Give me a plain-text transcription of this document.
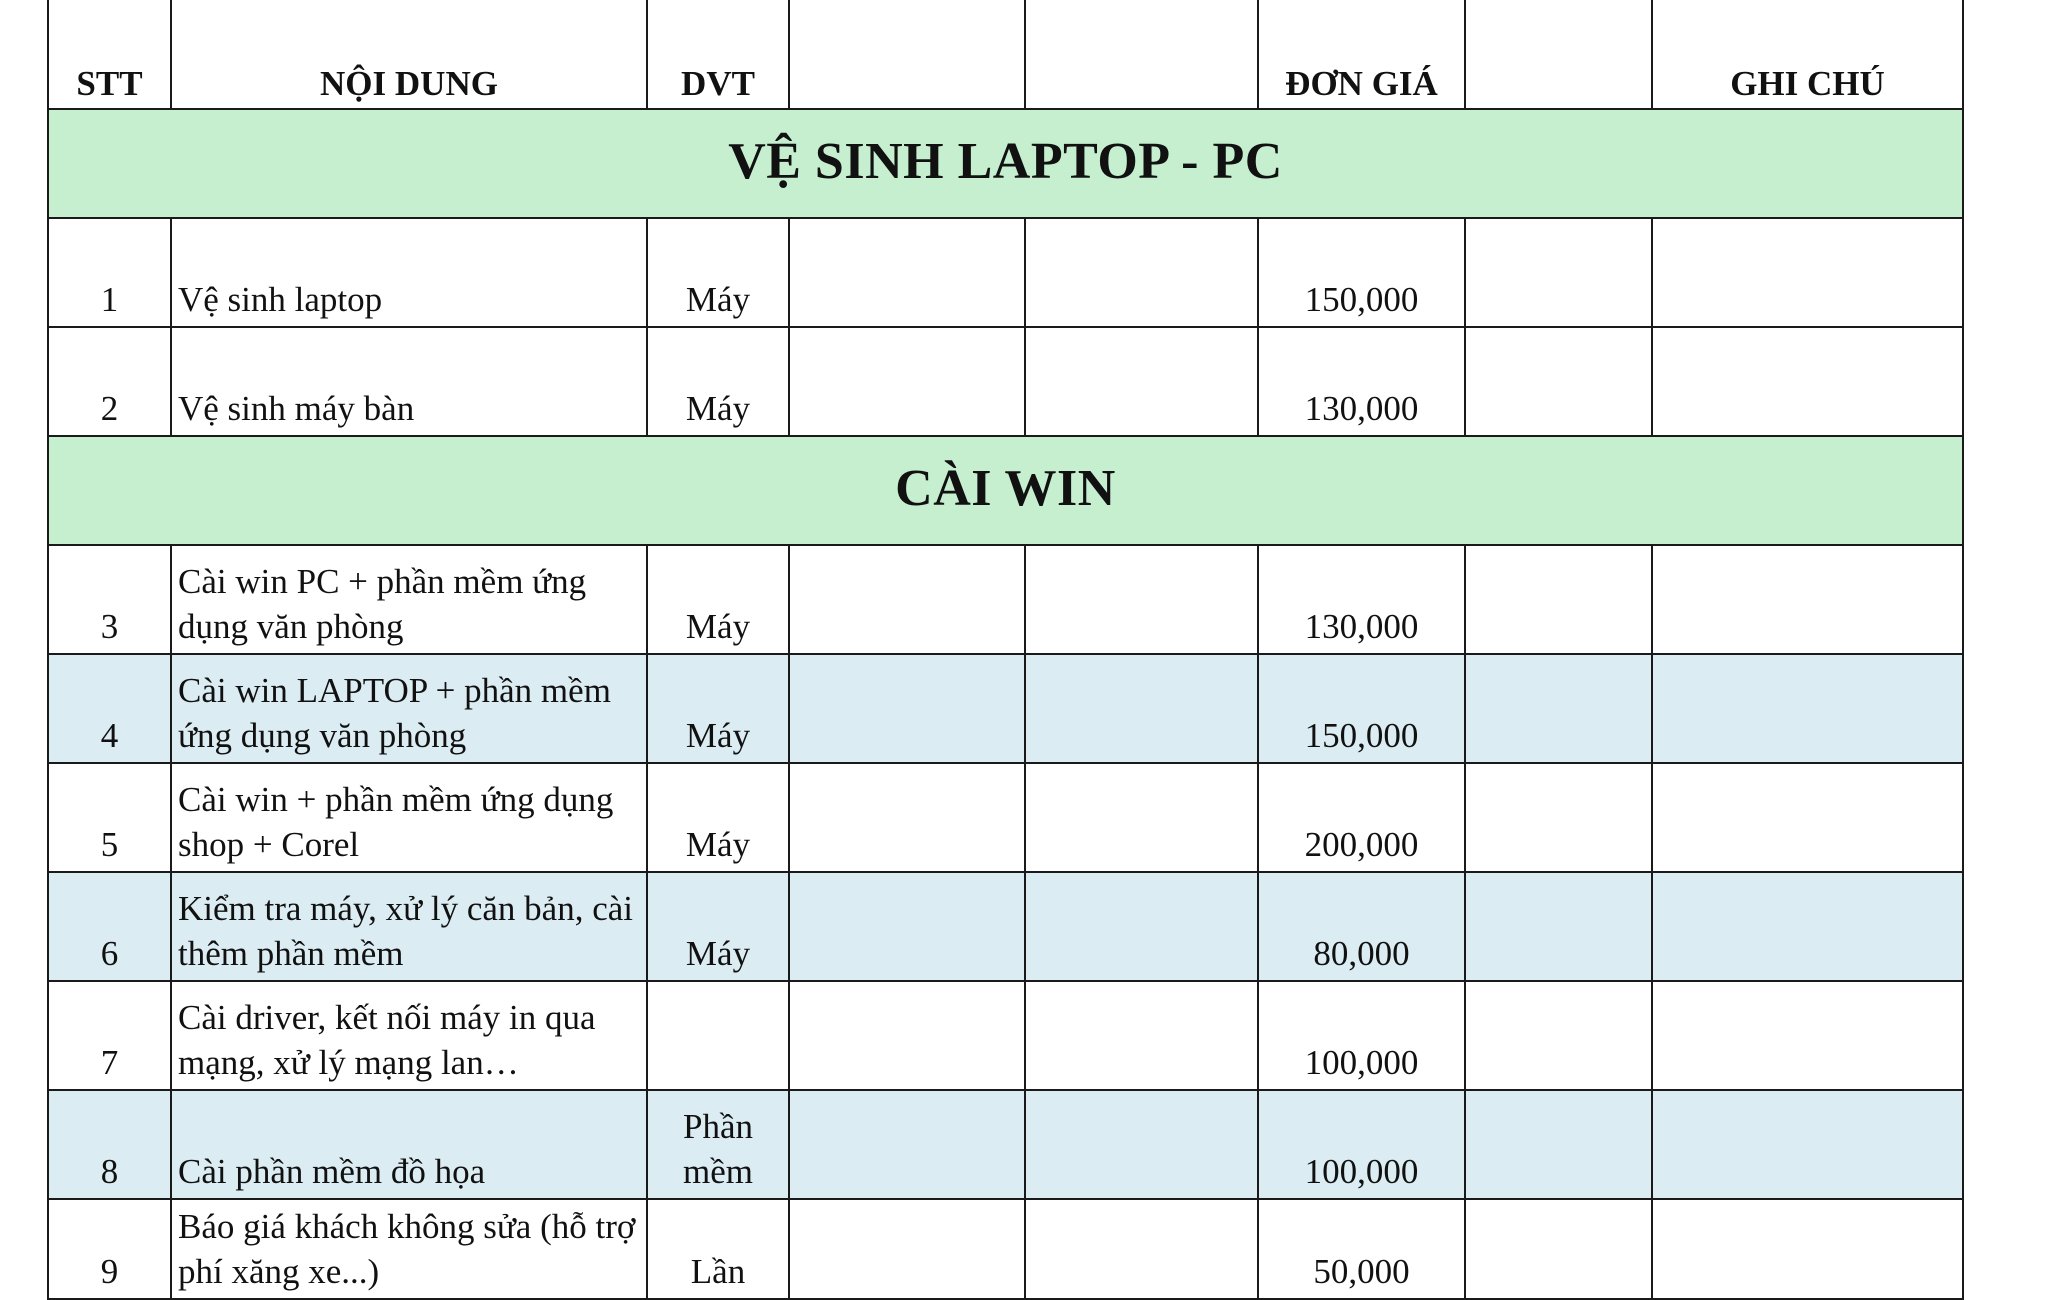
STT	NỘI DUNG	DVT			ĐƠN GIÁ		GHI CHÚ
VỆ SINH LAPTOP - PC							
1	Vệ sinh laptop	Máy			150,000		
2	Vệ sinh máy bàn	Máy			130,000		
CÀI WIN							
3	Cài win PC + phần mềm ứng dụng văn phòng	Máy			130,000		
4	Cài win LAPTOP + phần mềm ứng dụng văn phòng	Máy			150,000		
5	Cài win + phần mềm ứng dụng shop + Corel	Máy			200,000		
6	Kiểm tra máy, xử lý căn bản, cài thêm phần mềm	Máy			80,000		
7	Cài driver, kết nối máy in qua mạng, xử lý mạng lan…				100,000		
8	Cài phần mềm đồ họa	Phần mềm			100,000		
9	Báo giá khách không sửa (hỗ trợ phí xăng xe...)	Lần			50,000		
